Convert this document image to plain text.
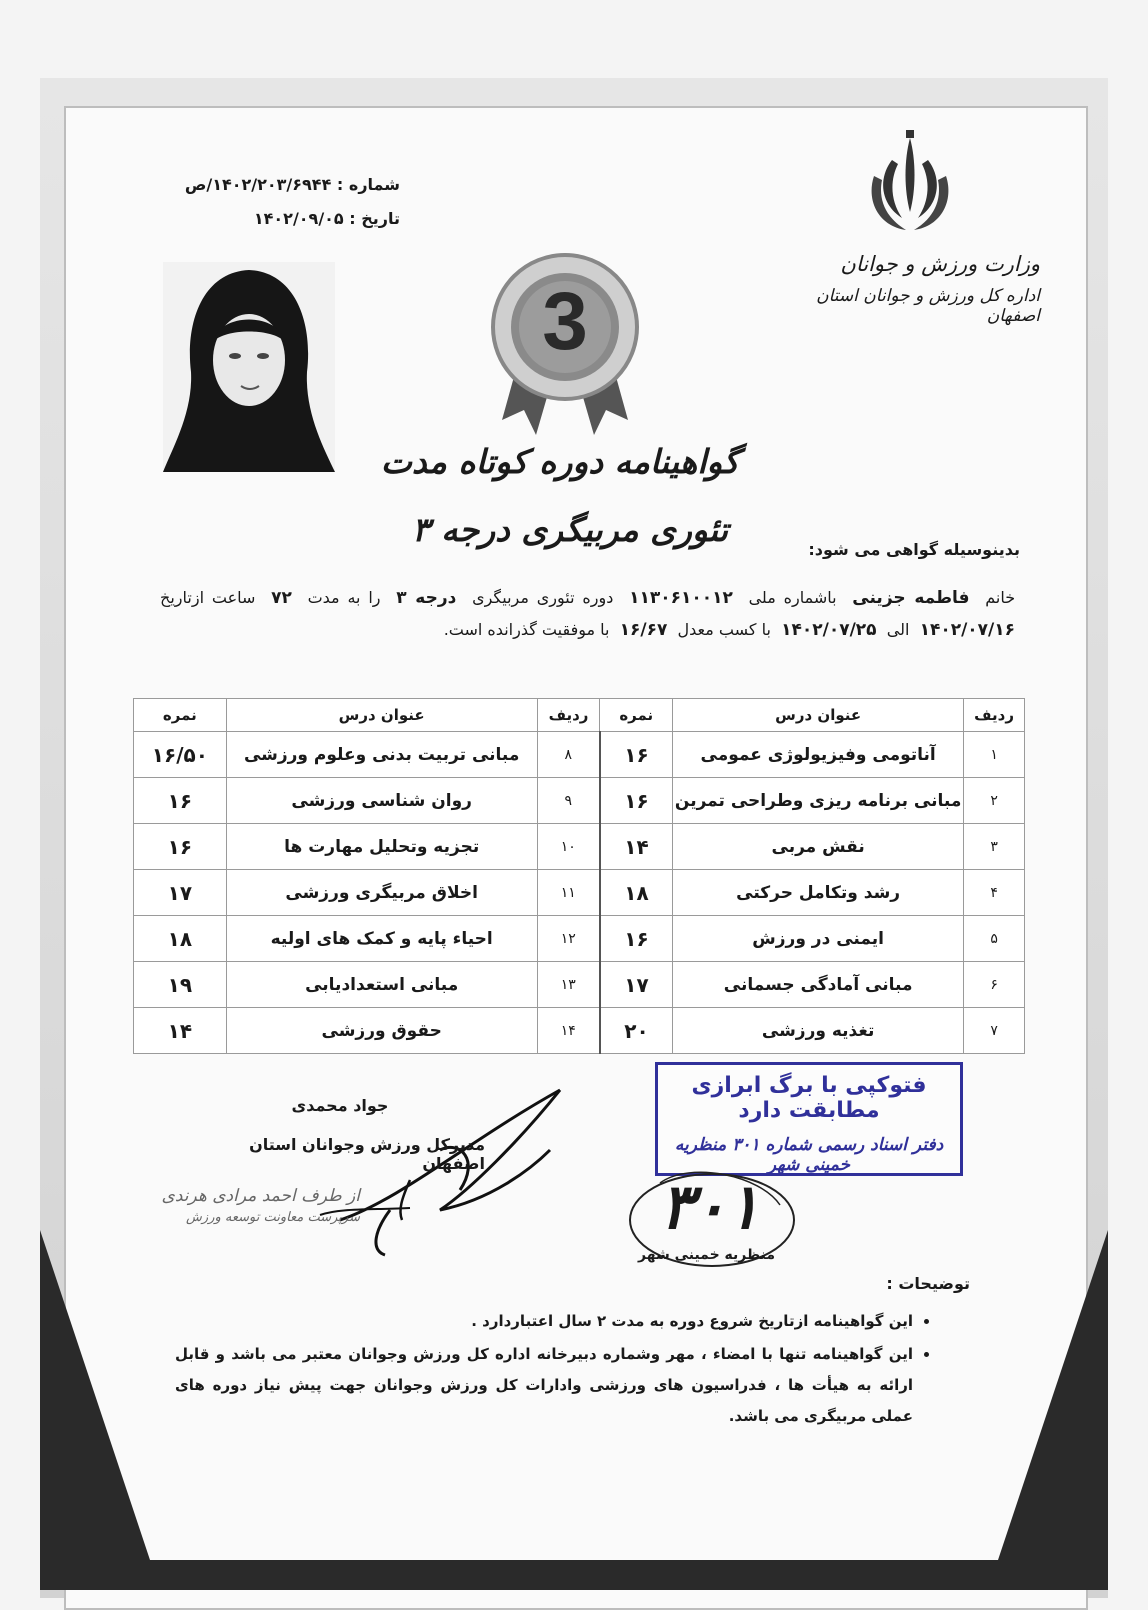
شماره : ۱۴۰۲/۲۰۳/۶۹۴۴/ص
تاریخ : ۱۴۰۲/۰۹/۰۵
وزارت ورزش و جوانان
اداره کل ورزش و جوانان استان اصفهان
3
گواهینامه دوره کوتاه مدت
تئوری مربیگری درجه ۳
بدینوسیله گواهی می شود:
خانم  فاطمه جزینی  باشماره ملی  ۱۱۳۰۶۱۰۰۱۲  دوره تئوری مربیگری  درجه ۳  را به مدت  ۷۲  ساعت ازتاریخ ۱۴۰۲/۰۷/۱۶  الی  ۱۴۰۲/۰۷/۲۵  با کسب معدل  ۱۶/۶۷  با موفقیت گذرانده است.
ردیف	عنوان درس	نمره	ردیف	عنوان درس	نمره
۱	آناتومی وفیزیولوژی عمومی	۱۶	۸	مبانی تربیت بدنی وعلوم ورزشی	۱۶/۵۰
۲	مبانی برنامه ریزی وطراحی تمرین	۱۶	۹	روان شناسی ورزشی	۱۶
۳	نقش مربی	۱۴	۱۰	تجزیه وتحلیل مهارت ها	۱۶
۴	رشد وتکامل حرکتی	۱۸	۱۱	اخلاق مربیگری ورزشی	۱۷
۵	ایمنی در ورزش	۱۶	۱۲	احیاء پایه و کمک های اولیه	۱۸
۶	مبانی آمادگی جسمانی	۱۷	۱۳	مبانی استعدادیابی	۱۹
۷	تغذیه ورزشی	۲۰	۱۴	حقوق ورزشی	۱۴
فتوکپی با برگ ابرازی مطابقت دارد
دفتر اسناد رسمی شماره ۳۰۱ منظریه خمینی شهر
۳۰۱
منظریه خمینی شهر
جواد محمدی
مدیرکل ورزش وجوانان استان اصفهان
از طرف احمد مرادی هرندی
سرپرست معاونت توسعه ورزش
توضیحات :
• این گواهینامه ازتاریخ شروع دوره به مدت ۲ سال اعتباردارد .
• این گواهینامه تنها با امضاء ، مهر وشماره دبیرخانه اداره کل ورزش وجوانان معتبر می باشد و قابل ارائه به هیأت ها ، فدراسیون های ورزشی وادارات کل ورزش وجوانان جهت پیش نیاز دوره های عملی مربیگری می باشد.
